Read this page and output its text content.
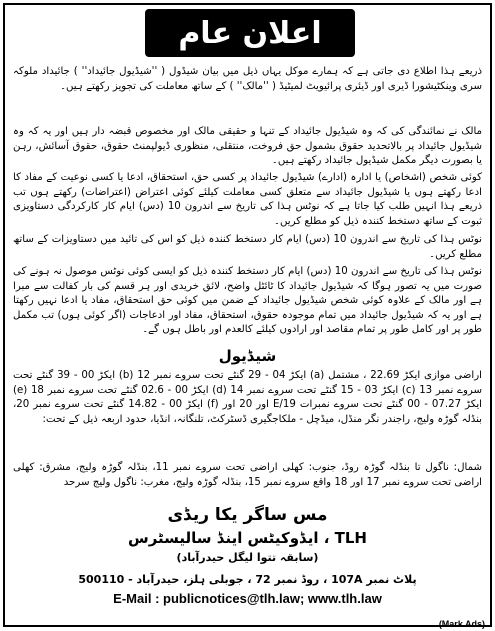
اعلان عام
ذریعے ہذا اطلاع دی جاتی ہے کہ ہمارے موکل یہاں ذیل میں بیان شیڈول ( ''شیڈیول جائیداد'' ) جائیداد ملوکہ سری وینکٹیشورا ڈیری اور ڈیئری پرائیویٹ لمیٹیڈ ( ''مالک'' ) کے ساتھ معاملت کی تجویز رکھتے ہیں۔
مالک نے نمائندگی کی کہ وہ شیڈیول جائیداد کے تنہا و حقیقی مالک اور مخصوص قبضہ دار ہیں اور یہ کہ وہ شیڈیول جائیداد پر بالاتحدید حقوق بشمول حق فروخت، منتقلی، منظوری ڈیولپمنٹ حقوق، حقوق آسائش، رہن یا بصورت دیگر مکمل شیڈیول جائیداد رکھتے ہیں۔
کوئی شخص (اشخاص) یا ادارہ (ادارے) شیڈیول جائیداد پر کسی حق، استحقاق، ادعا یا کسی نوعیت کے مفاد کا ادعا رکھتے ہوں یا شیڈیول جائیداد سے متعلق کسی معاملت کیلئے کوئی اعتراض (اعتراضات) رکھتے ہوں تب ذریعے ہذا انہیں طلب کیا جاتا ہے کہ نوٹس ہذا کی تاریخ سے اندرون 10 (دس) ایام کار کارکردگی دستاویزی ثبوت کے ساتھ دستخط کنندہ ذیل کو مطلع کریں۔
نوٹس ہذا کی تاریخ سے اندرون 10 (دس) ایام کار دستخط کنندہ ذیل کو اس کی تائید میں دستاویزات کے ساتھ مطلع کریں۔
نوٹس ہذا کی تاریخ سے اندرون 10 (دس) ایام کار دستخط کنندہ ذیل کو ایسی کوئی نوٹس موصول نہ ہونے کی صورت میں یہ تصور ہوگا کہ شیڈیول جائیداد کا ٹائٹل واضح، لائق خریدی اور ہر قسم کی بار کفالت سے مبرا ہے اور مالک کے علاوہ کوئی شخص شیڈیول جائیداد کے ضمن میں کوئی حق استحقاق، مفاد یا ادعا نہیں رکھتا ہے اور یہ کہ شیڈیول جائیداد میں تمام موجودہ حقوق، استحقاق، مفاد اور ادعاجات (اگر کوئی ہوں) تب مکمل طور پر اور کامل طور پر تمام مقاصد اور ارادوں کیلئے کالعدم اور باطل ہوں گے۔
شیڈیول
اراضی موازی ایکڑ 22.69 ، مشتمل (a) ایکڑ 04 - 29 گنٹے تحت سروے نمبر 12 (b) ایکڑ 00 - 39 گنٹے تحت سروے نمبر 13 (c) ایکڑ 03 - 15 گنٹے تحت سروے نمبر 14 (d) ایکڑ 00 - 02.6 گنٹے تحت سروے نمبر 18 (e) ایکڑ 07.27 - 00 گنٹے تحت سروے نمبرات 19/E اور 20 اور (f) ایکڑ 00 - 14.82 گنٹے تحت سروے نمبر 20، بنڈلہ گوڑہ ولیج، راجندر نگر منڈل، میڈچل - ملکاجگیری ڈسٹرکٹ، تلنگانہ، انڈیا، حدود اربعہ ذیل کے تحت:
شمال: ناگول تا بنڈلہ گوڑہ روڈ، جنوب: کھلی اراضی تحت سروے نمبر 11، بنڈلہ گوڑہ ولیج، مشرق: کھلی اراضی تحت سروے نمبر 17 اور 18 واقع سروے نمبر 15، بنڈلہ گوڑہ ولیج، مغرب: ناگول ولیج سرحد
مس ساگر یکا ریڈی
TLH ، ایڈوکیٹس اینڈ سالیسٹرس
(سابقہ تتوا لیگل حیدرآباد)
پلاٹ نمبر 107A ، روڈ نمبر 72 ، جوبلی ہلز، حیدرآباد - 500110
E-Mail : publicnotices@tlh.law; www.tlh.law
(Mark Ads)
